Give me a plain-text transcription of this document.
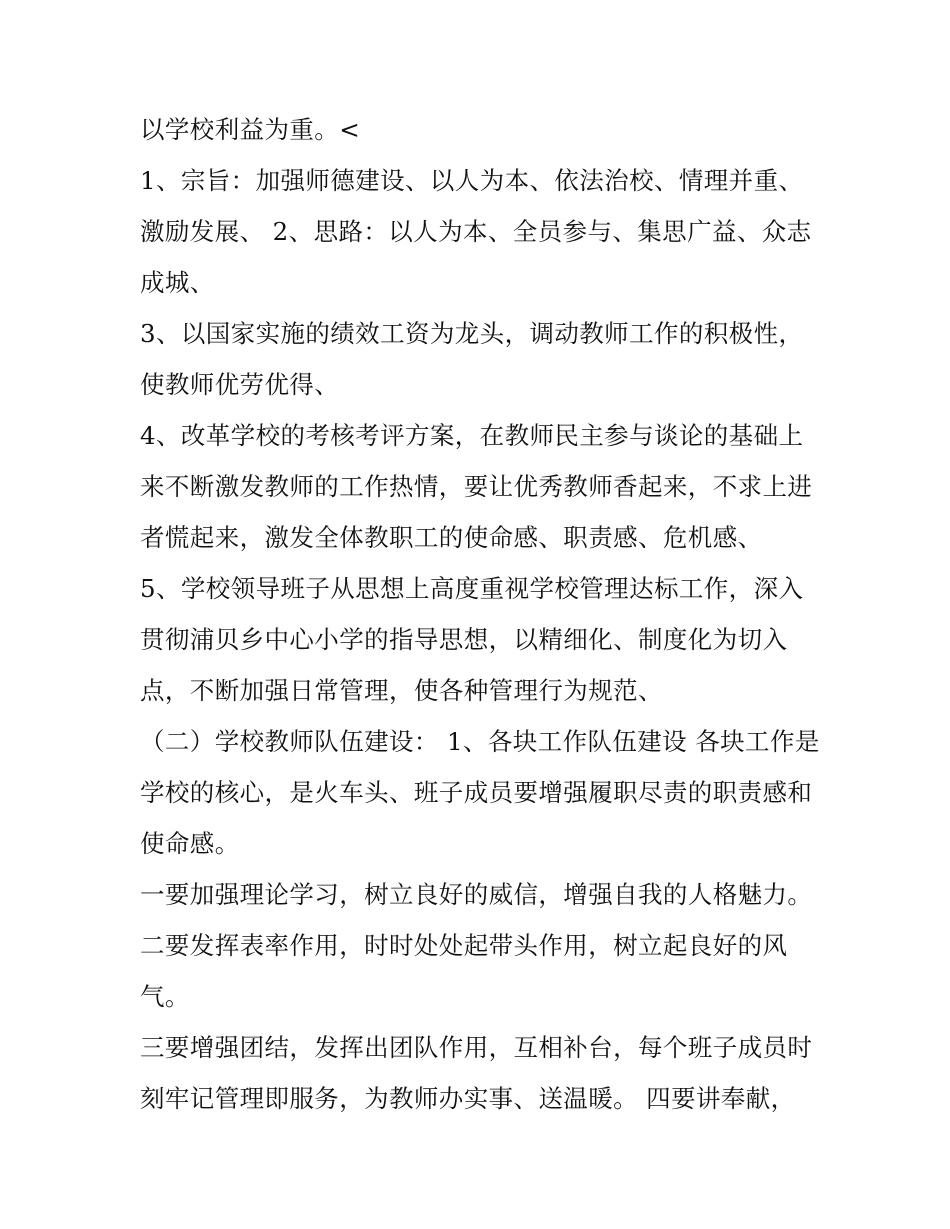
以学校利益为重。<
1、宗旨：加强师德建设、以人为本、依法治校、情理并重、
激励发展、 2、思路：以人为本、全员参与、集思广益、众志
成城、
3、以国家实施的绩效工资为龙头，调动教师工作的积极性，
使教师优劳优得、
4、改革学校的考核考评方案，在教师民主参与谈论的基础上
来不断激发教师的工作热情，要让优秀教师香起来，不求上进
者慌起来，激发全体教职工的使命感、职责感、危机感、
5、学校领导班子从思想上高度重视学校管理达标工作，深入
贯彻浦贝乡中心小学的指导思想，以精细化、制度化为切入
点，不断加强日常管理，使各种管理行为规范、
（二）学校教师队伍建设： 1、各块工作队伍建设 各块工作是
学校的核心，是火车头、班子成员要增强履职尽责的职责感和
使命感。
一要加强理论学习，树立良好的威信，增强自我的人格魅力。
二要发挥表率作用，时时处处起带头作用，树立起良好的风
气。
三要增强团结，发挥出团队作用，互相补台，每个班子成员时
刻牢记管理即服务，为教师办实事、送温暖。 四要讲奉献，
